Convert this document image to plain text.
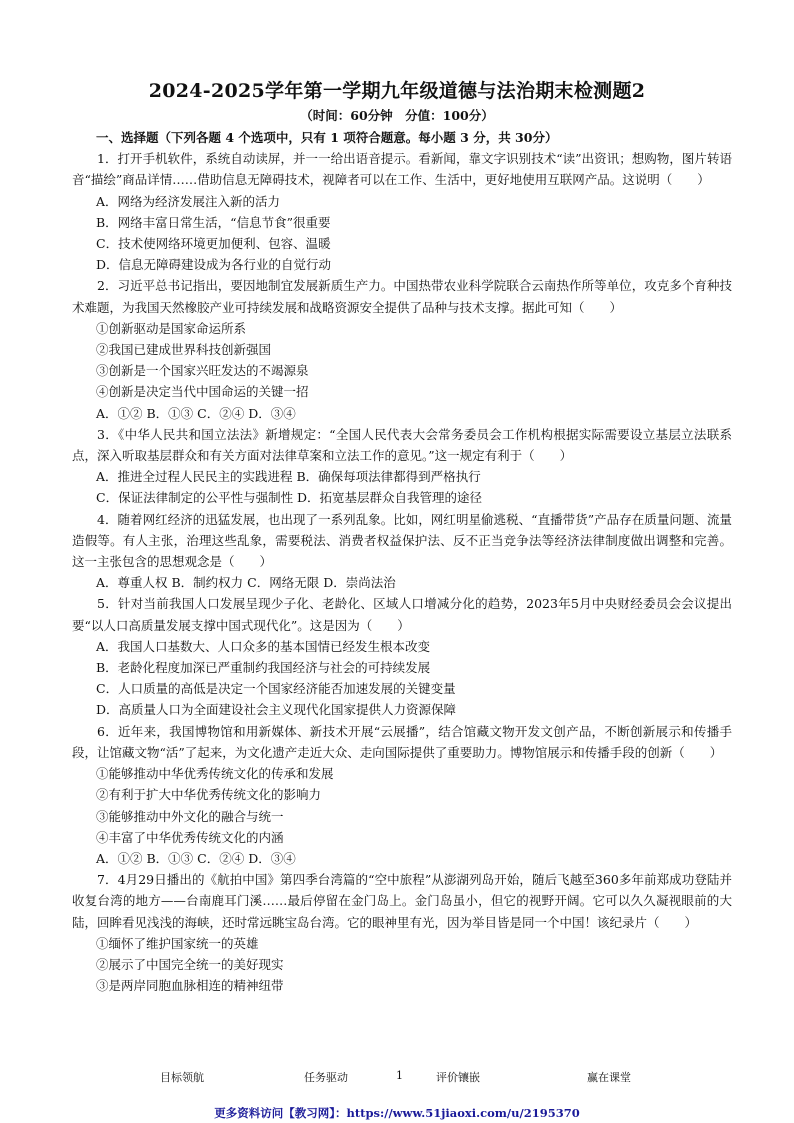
2024-2025学年第一学期九年级道德与法治期末检测题2
（时间：60分钟　分值：100分）
一、选择题（下列各题 4 个选项中，只有 1 项符合题意。每小题 3 分，共 30分）
1．打开手机软件，系统自动读屏，并一一给出语音提示。看新闻，靠文字识别技术“读”出资讯；想购物，图片转语音“描绘”商品详情……借助信息无障碍技术，视障者可以在工作、生活中，更好地使用互联网产品。这说明（　　）
A．网络为经济发展注入新的活力
B．网络丰富日常生活，“信息节食”很重要
C．技术使网络环境更加便利、包容、温暖
D．信息无障碍建设成为各行业的自觉行动
2．习近平总书记指出，要因地制宜发展新质生产力。中国热带农业科学院联合云南热作所等单位，攻克多个育种技术难题，为我国天然橡胶产业可持续发展和战略资源安全提供了品种与技术支撑。据此可知（　　）
①创新驱动是国家命运所系
②我国已建成世界科技创新强国
③创新是一个国家兴旺发达的不竭源泉
④创新是决定当代中国命运的关键一招
A．①② B．①③ C．②④ D．③④
3．《中华人民共和国立法法》新增规定：“全国人民代表大会常务委员会工作机构根据实际需要设立基层立法联系点，深入听取基层群众和有关方面对法律草案和立法工作的意见。”这一规定有利于（　　）
A．推进全过程人民民主的实践进程 B．确保每项法律都得到严格执行
C．保证法律制定的公平性与强制性 D．拓宽基层群众自我管理的途径
4．随着网红经济的迅猛发展，也出现了一系列乱象。比如，网红明星偷逃税、“直播带货”产品存在质量问题、流量造假等。有人主张，治理这些乱象，需要税法、消费者权益保护法、反不正当竞争法等经济法律制度做出调整和完善。这一主张包含的思想观念是（　　）
A．尊重人权 B．制约权力 C．网络无限 D．崇尚法治
5．针对当前我国人口发展呈现少子化、老龄化、区域人口增减分化的趋势，2023年5月中央财经委员会会议提出要“以人口高质量发展支撑中国式现代化”。这是因为（　　）
A．我国人口基数大、人口众多的基本国情已经发生根本改变
B．老龄化程度加深已严重制约我国经济与社会的可持续发展
C．人口质量的高低是决定一个国家经济能否加速发展的关键变量
D．高质量人口为全面建设社会主义现代化国家提供人力资源保障
6．近年来，我国博物馆和用新媒体、新技术开展“云展播”，结合馆藏文物开发文创产品，不断创新展示和传播手段，让馆藏文物“活”了起来，为文化遗产走近大众、走向国际提供了重要助力。博物馆展示和传播手段的创新（　　）
①能够推动中华优秀传统文化的传承和发展
②有利于扩大中华优秀传统文化的影响力
③能够推动中外文化的融合与统一
④丰富了中华优秀传统文化的内涵
A．①② B．①③ C．②④ D．③④
7．4月29日播出的《航拍中国》第四季台湾篇的“空中旅程”从澎湖列岛开始，随后飞越至360多年前郑成功登陆并收复台湾的地方——台南鹿耳门溪……最后停留在金门岛上。金门岛虽小，但它的视野开阔。它可以久久凝视眼前的大陆，回眸看见浅浅的海峡，还时常远眺宝岛台湾。它的眼神里有光，因为举目皆是同一个中国！该纪录片（　　）
①缅怀了维护国家统一的英雄
②展示了中国完全统一的美好现实
③是两岸同胞血脉相连的精神纽带
目标领航	任务驱动	1	评价镶嵌	赢在课堂
更多资料访问【教习网】：https://www.51jiaoxi.com/u/2195370
